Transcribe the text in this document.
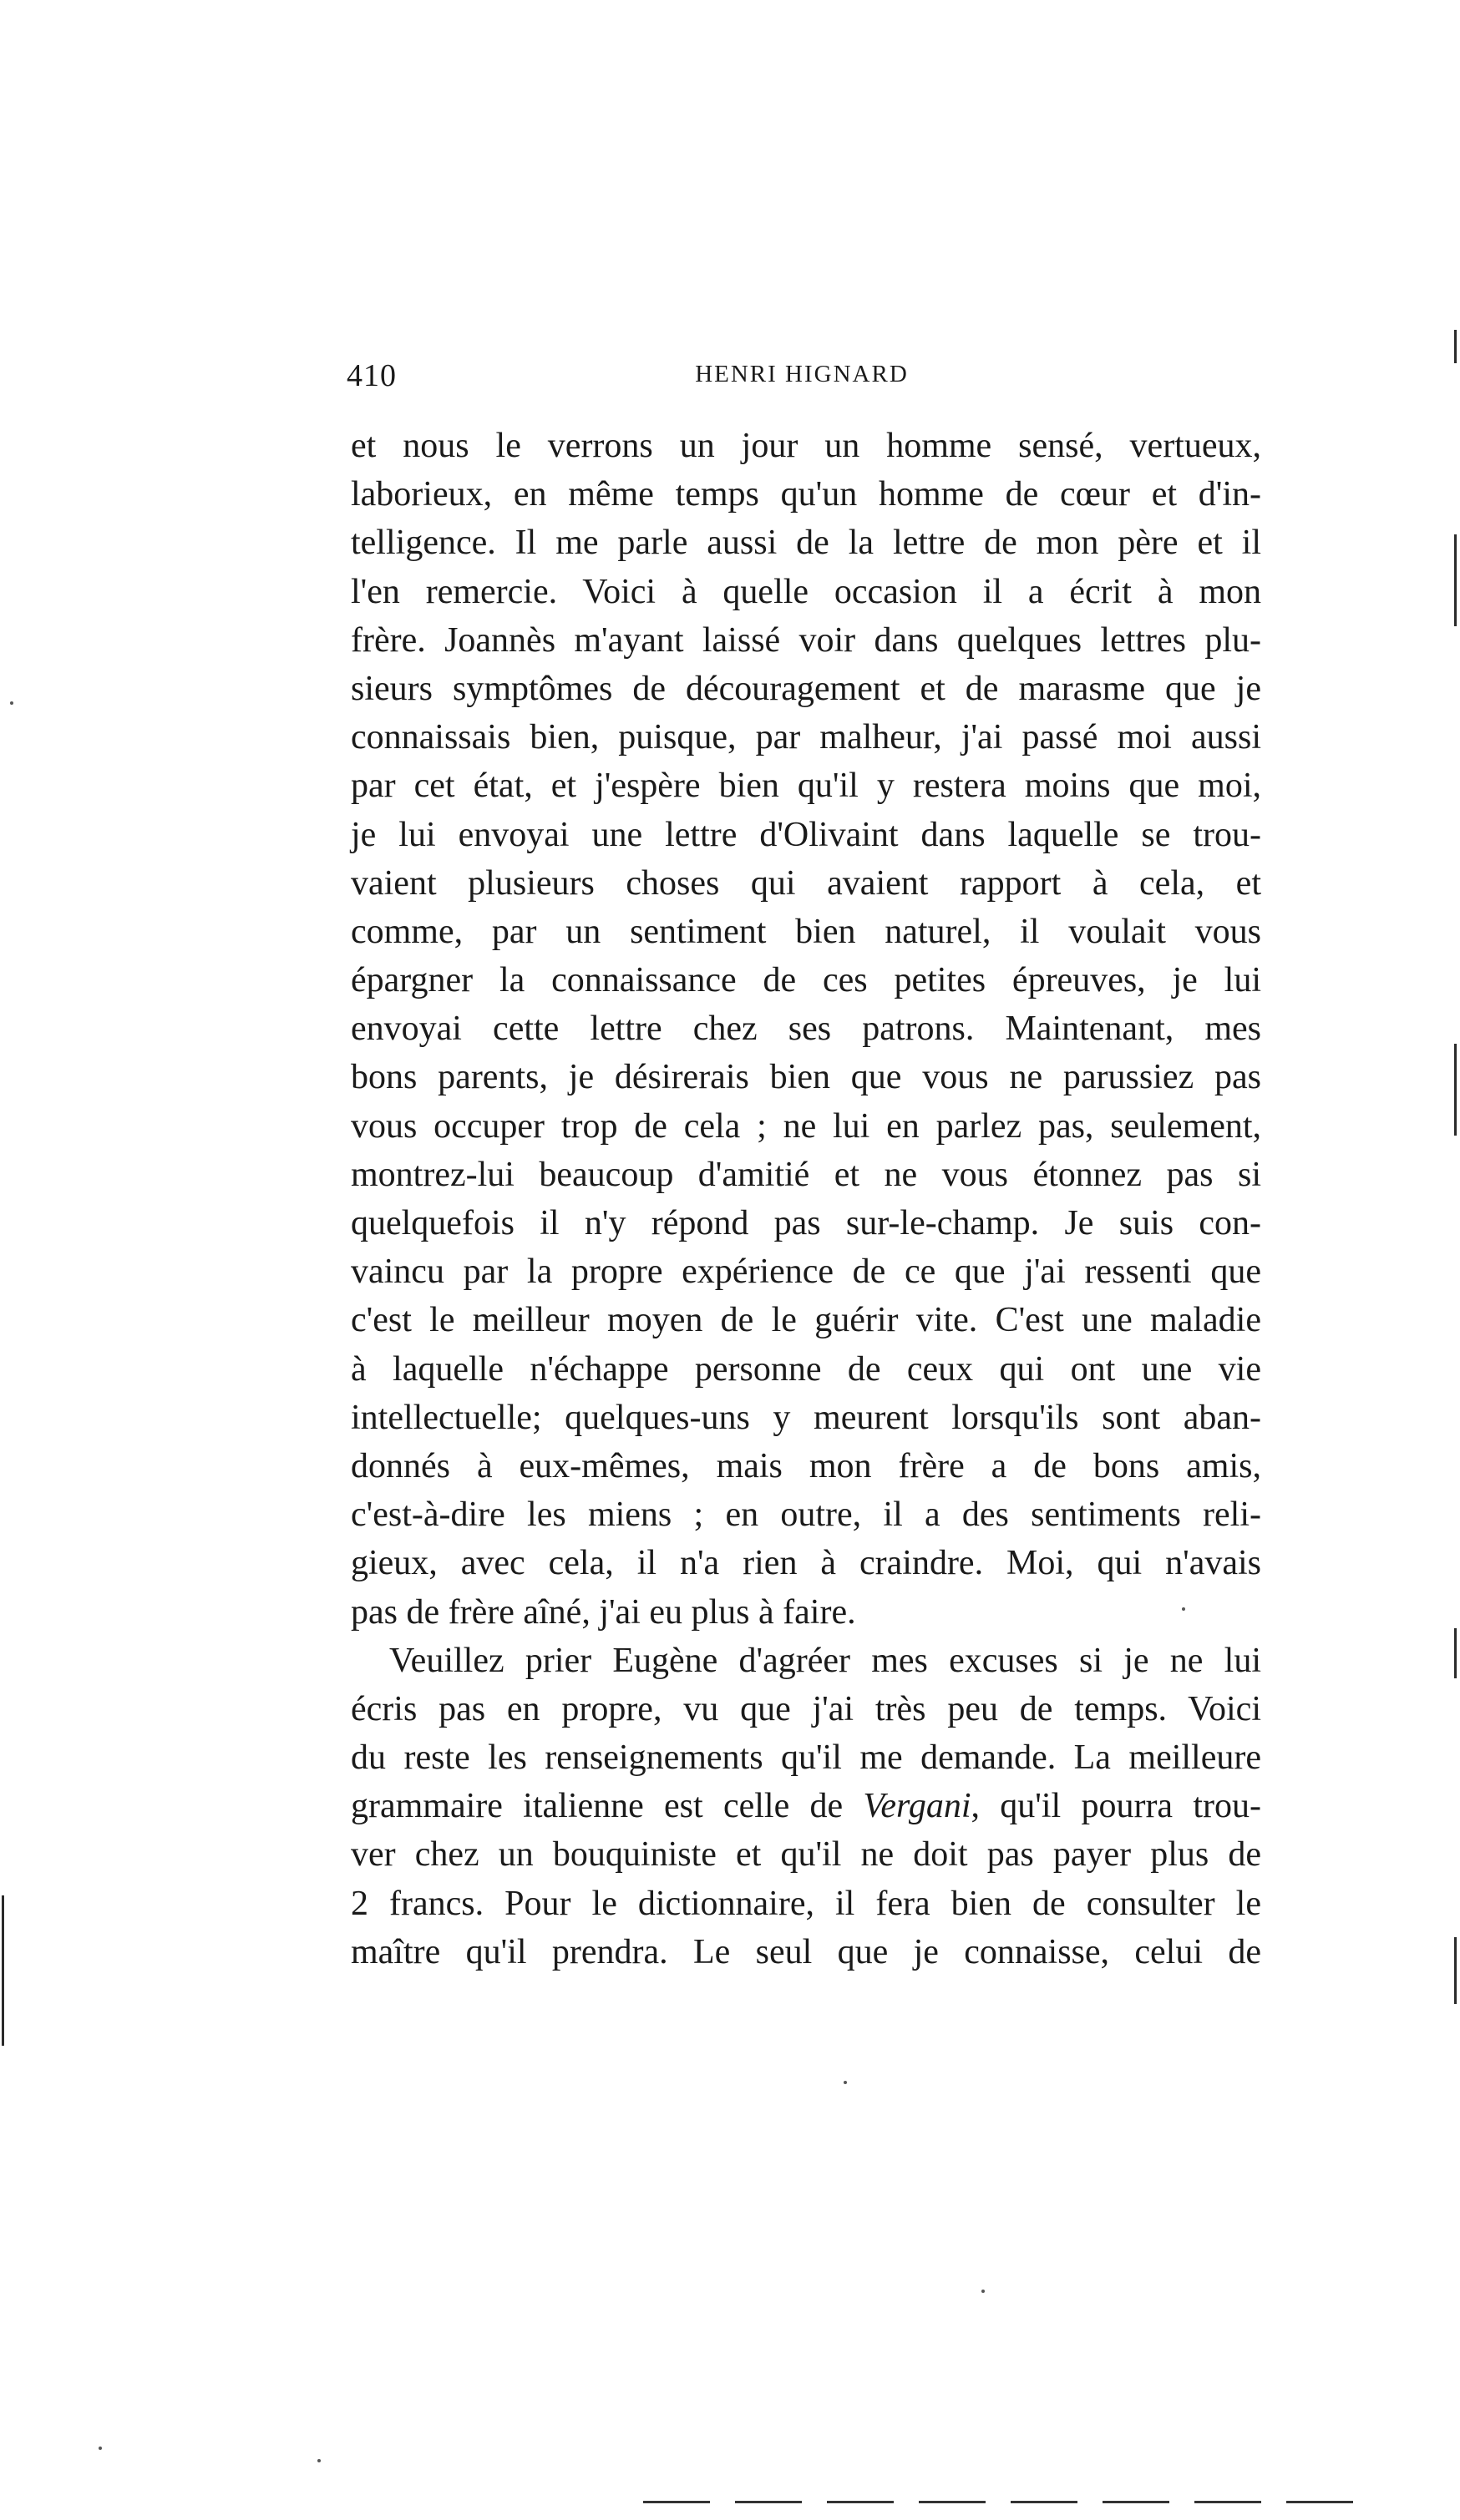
410	HENRI HIGNARD
et nous le verrons un jour un homme sensé, vertueux,
laborieux, en même temps qu'un homme de cœur et d'in-
telligence. Il me parle aussi de la lettre de mon père et il
l'en remercie. Voici à quelle occasion il a écrit à mon
frère. Joannès m'ayant laissé voir dans quelques lettres plu-
sieurs symptômes de découragement et de marasme que je
connaissais bien, puisque, par malheur, j'ai passé moi aussi
par cet état, et j'espère bien qu'il y restera moins que moi,
je lui envoyai une lettre d'Olivaint dans laquelle se trou-
vaient plusieurs choses qui avaient rapport à cela, et
comme, par un sentiment bien naturel, il voulait vous
épargner la connaissance de ces petites épreuves, je lui
envoyai cette lettre chez ses patrons. Maintenant, mes
bons parents, je désirerais bien que vous ne parussiez pas
vous occuper trop de cela ; ne lui en parlez pas, seulement,
montrez-lui beaucoup d'amitié et ne vous étonnez pas si
quelquefois il n'y répond pas sur-le-champ. Je suis con-
vaincu par la propre expérience de ce que j'ai ressenti que
c'est le meilleur moyen de le guérir vite. C'est une maladie
à laquelle n'échappe personne de ceux qui ont une vie
intellectuelle; quelques-uns y meurent lorsqu'ils sont aban-
donnés à eux-mêmes, mais mon frère a de bons amis,
c'est-à-dire les miens ; en outre, il a des sentiments reli-
gieux, avec cela, il n'a rien à craindre. Moi, qui n'avais
pas de frère aîné, j'ai eu plus à faire.
Veuillez prier Eugène d'agréer mes excuses si je ne lui
écris pas en propre, vu que j'ai très peu de temps. Voici
du reste les renseignements qu'il me demande. La meilleure
grammaire italienne est celle de Vergani, qu'il pourra trou-
ver chez un bouquiniste et qu'il ne doit pas payer plus de
2 francs. Pour le dictionnaire, il fera bien de consulter le
maître qu'il prendra. Le seul que je connaisse, celui de
